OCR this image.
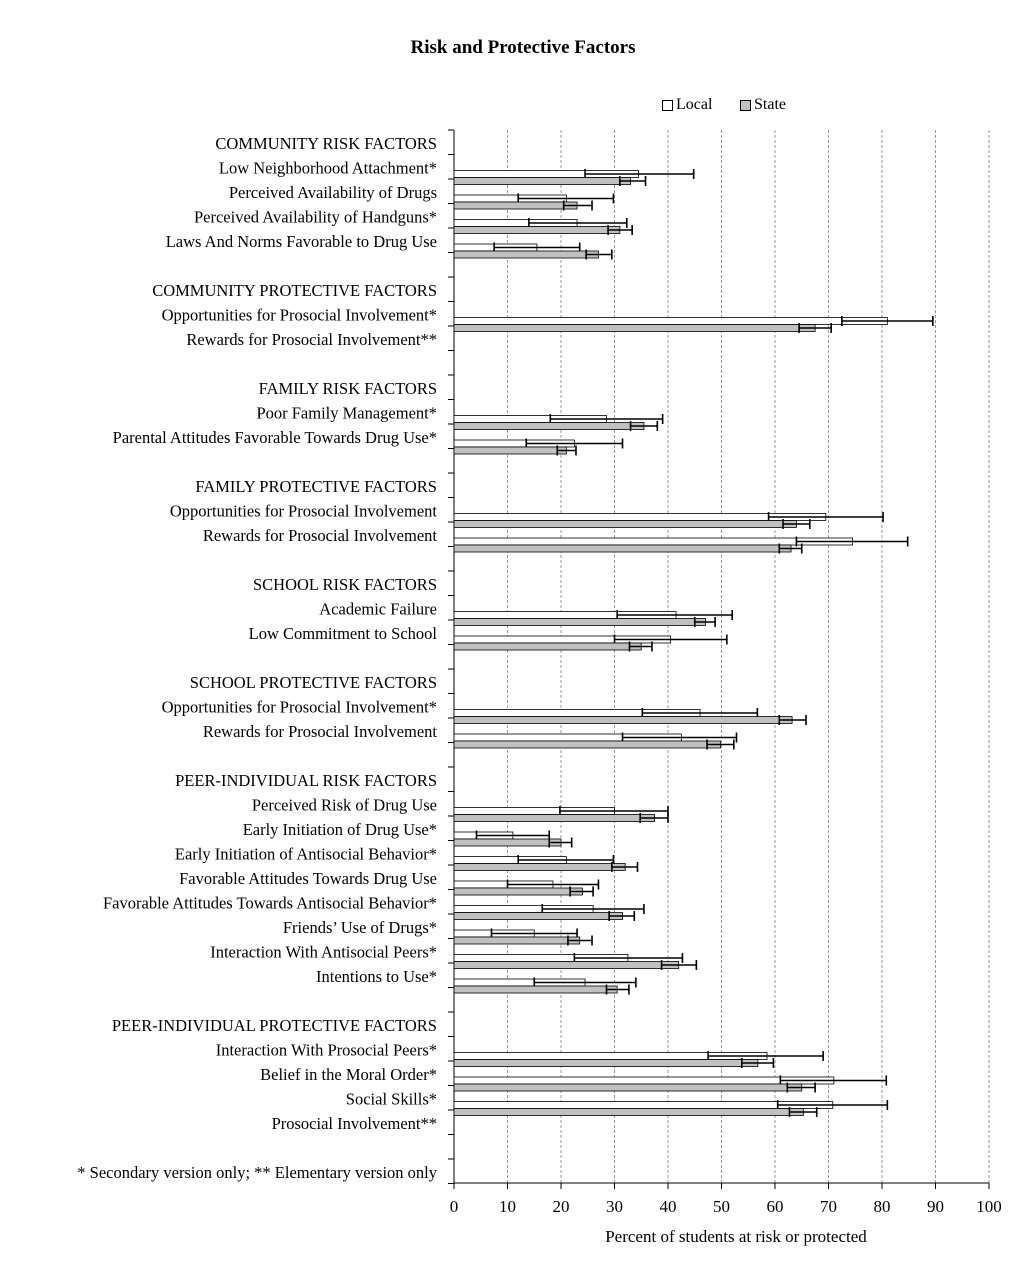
Risk and Protective Factors
Local	State
0 10 20 30 40 50 60 70 80 90 100
Percent of students at risk or protected
COMMUNITY RISK FACTORS
Low Neighborhood Attachment*
Perceived Availability of Drugs
Perceived Availability of Handguns*
Laws And Norms Favorable to Drug Use
COMMUNITY PROTECTIVE FACTORS
Opportunities for Prosocial Involvement*
Rewards for Prosocial Involvement**
FAMILY RISK FACTORS
Poor Family Management*
Parental Attitudes Favorable Towards Drug Use*
FAMILY PROTECTIVE FACTORS
Opportunities for Prosocial Involvement
Rewards for Prosocial Involvement
SCHOOL RISK FACTORS
Academic Failure
Low Commitment to School
SCHOOL PROTECTIVE FACTORS
Opportunities for Prosocial Involvement*
Rewards for Prosocial Involvement
PEER-INDIVIDUAL RISK FACTORS
Perceived Risk of Drug Use
Early Initiation of Drug Use*
Early Initiation of Antisocial Behavior*
Favorable Attitudes Towards Drug Use
Favorable Attitudes Towards Antisocial Behavior*
Friends’ Use of Drugs*
Interaction With Antisocial Peers*
Intentions to Use*
PEER-INDIVIDUAL PROTECTIVE FACTORS
Interaction With Prosocial Peers*
Belief in the Moral Order*
Social Skills*
Prosocial Involvement**
* Secondary version only; ** Elementary version only
